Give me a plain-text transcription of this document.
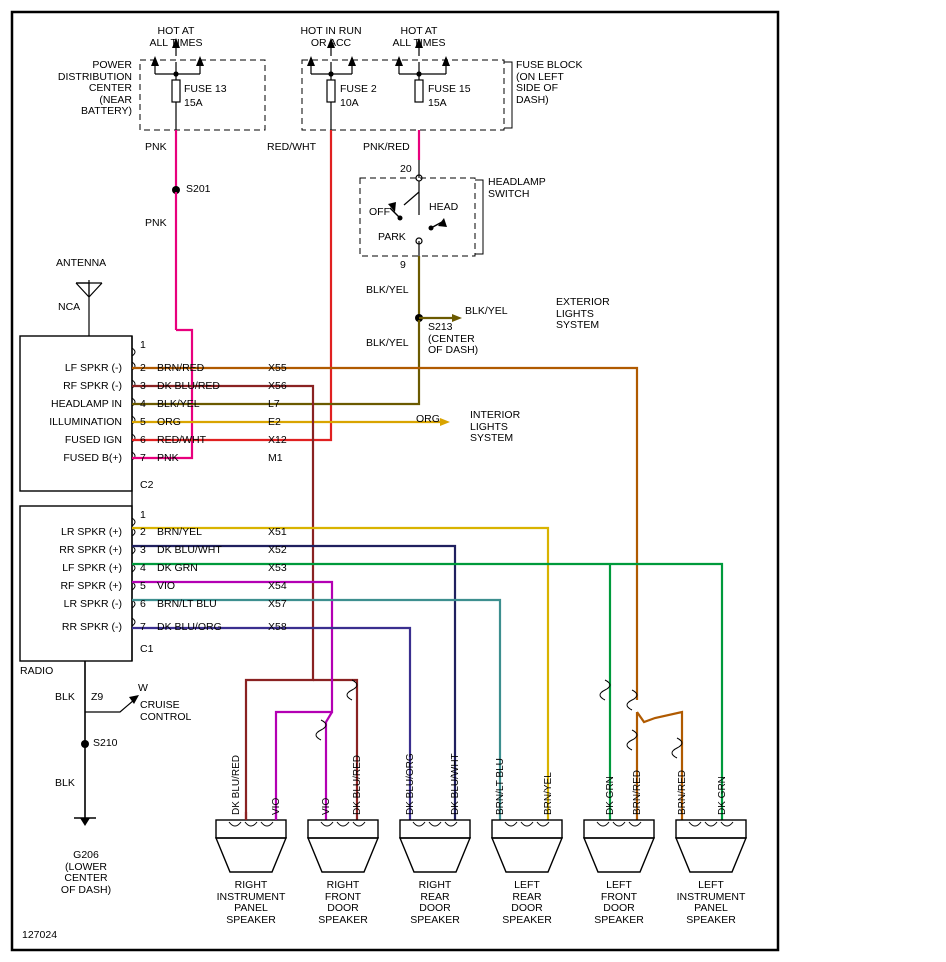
HOT AT
ALL TIMES
HOT IN RUN
OR ACC
HOT AT
ALL TIMES
POWER
DISTRIBUTION
CENTER
(NEAR
BATTERY)
FUSE 13
15A
FUSE 2
10A
FUSE 15
15A
FUSE BLOCK
(ON LEFT
SIDE OF
DASH)
PNK
PNK
RED/WHT	PNK/RED
BLK/YEL
BLK/YEL
BLK/YEL
ORG
S201
S213
(CENTER
OF DASH)
S210
20
9
OFF	HEAD
PARK
HEADLAMP
SWITCH
EXTERIOR
LIGHTS
SYSTEM
INTERIOR
LIGHTS
SYSTEM
ANTENNA
NCA
RADIO
1
C2
1
C1
LF SPKR (-) 2 BRN/RED	X55
RF SPKR (-) 3 DK BLU/RED	X56
HEADLAMP IN 4 BLK/YEL	L7
ILLUMINATION 5 ORG	E2
FUSED IGN 6 RED/WHT	X12
FUSED B(+) 7 PNK	M1
LR SPKR (+) 2 BRN/YEL	X51
RR SPKR (+) 3 DK BLU/WHT	X52
LF SPKR (+) 4 DK GRN	X53
RF SPKR (+) 5 VIO	X54
LR SPKR (-) 6 BRN/LT BLU	X57
RR SPKR (-) 7 DK BLU/ORG	X58
BLK Z9
BLK
W
CRUISE
CONTROL
G206
(LOWER
CENTER
OF DASH)
DK BLU/RED	VIO	VIO DK BLU/RED	DK BLU/ORG	DK BLU/WHT	BRN/LT BLU	BRN/YEL	DK GRN BRN/RED	BRN/RED	DK GRN
RIGHT
INSTRUMENT
PANEL
SPEAKER
RIGHT
FRONT
DOOR
SPEAKER
RIGHT
REAR
DOOR
SPEAKER
LEFT
REAR
DOOR
SPEAKER
LEFT
FRONT
DOOR
SPEAKER
LEFT
INSTRUMENT
PANEL
SPEAKER
127024
